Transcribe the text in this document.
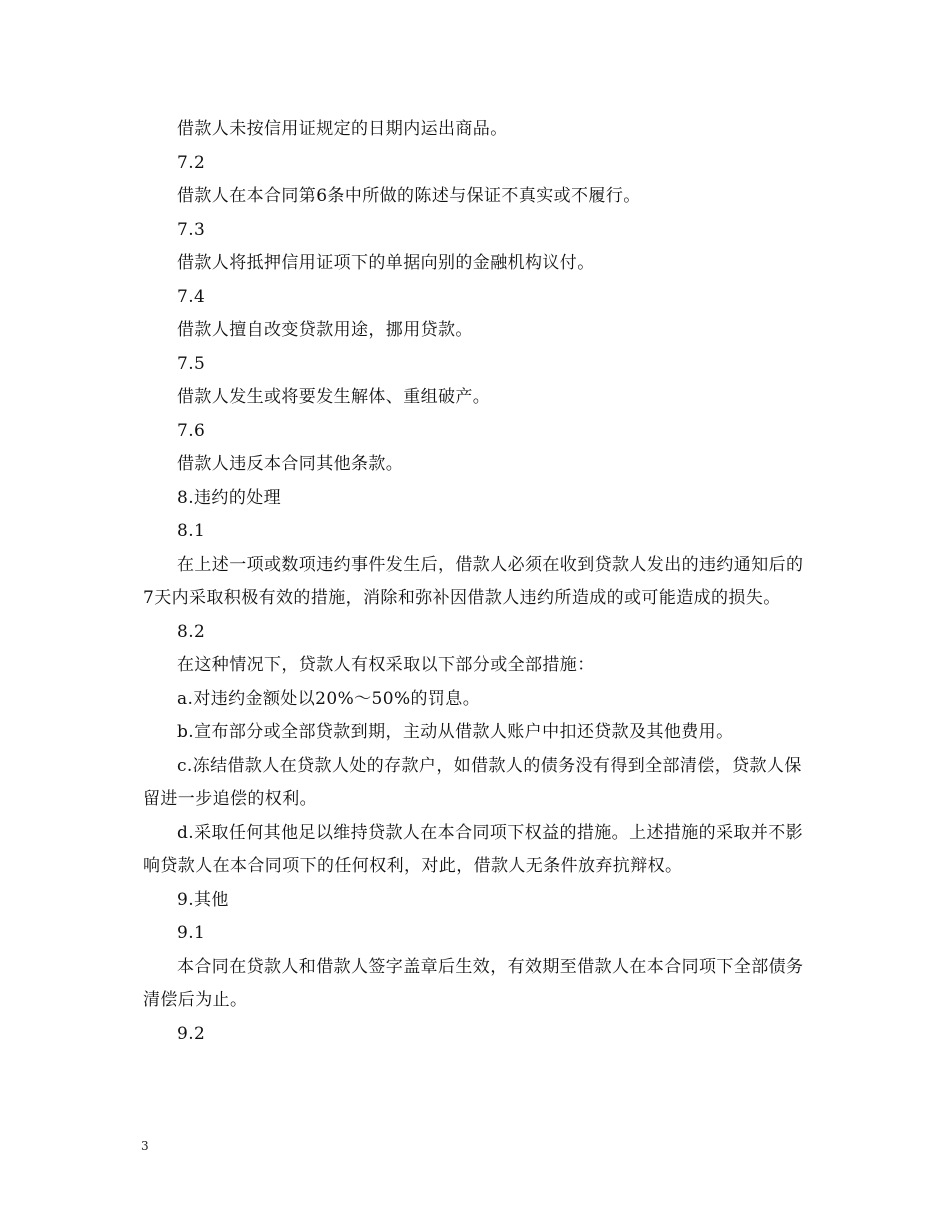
借款人未按信用证规定的日期内运出商品。

7.2

借款人在本合同第6条中所做的陈述与保证不真实或不履行。

7.3

借款人将抵押信用证项下的单据向别的金融机构议付。

7.4

借款人擅自改变贷款用途，挪用贷款。

7.5

借款人发生或将要发生解体、重组破产。

7.6

借款人违反本合同其他条款。

8.违约的处理

8.1

在上述一项或数项违约事件发生后，借款人必须在收到贷款人发出的违约通知后的7天内采取积极有效的措施，消除和弥补因借款人违约所造成的或可能造成的损失。

8.2

在这种情况下，贷款人有权采取以下部分或全部措施：

a.对违约金额处以20%～50%的罚息。

b.宣布部分或全部贷款到期，主动从借款人账户中扣还贷款及其他费用。

c.冻结借款人在贷款人处的存款户，如借款人的债务没有得到全部清偿，贷款人保留进一步追偿的权利。

d.采取任何其他足以维持贷款人在本合同项下权益的措施。上述措施的采取并不影响贷款人在本合同项下的任何权利，对此，借款人无条件放弃抗辩权。

9.其他

9.1

本合同在贷款人和借款人签字盖章后生效，有效期至借款人在本合同项下全部债务清偿后为止。

9.2

3
